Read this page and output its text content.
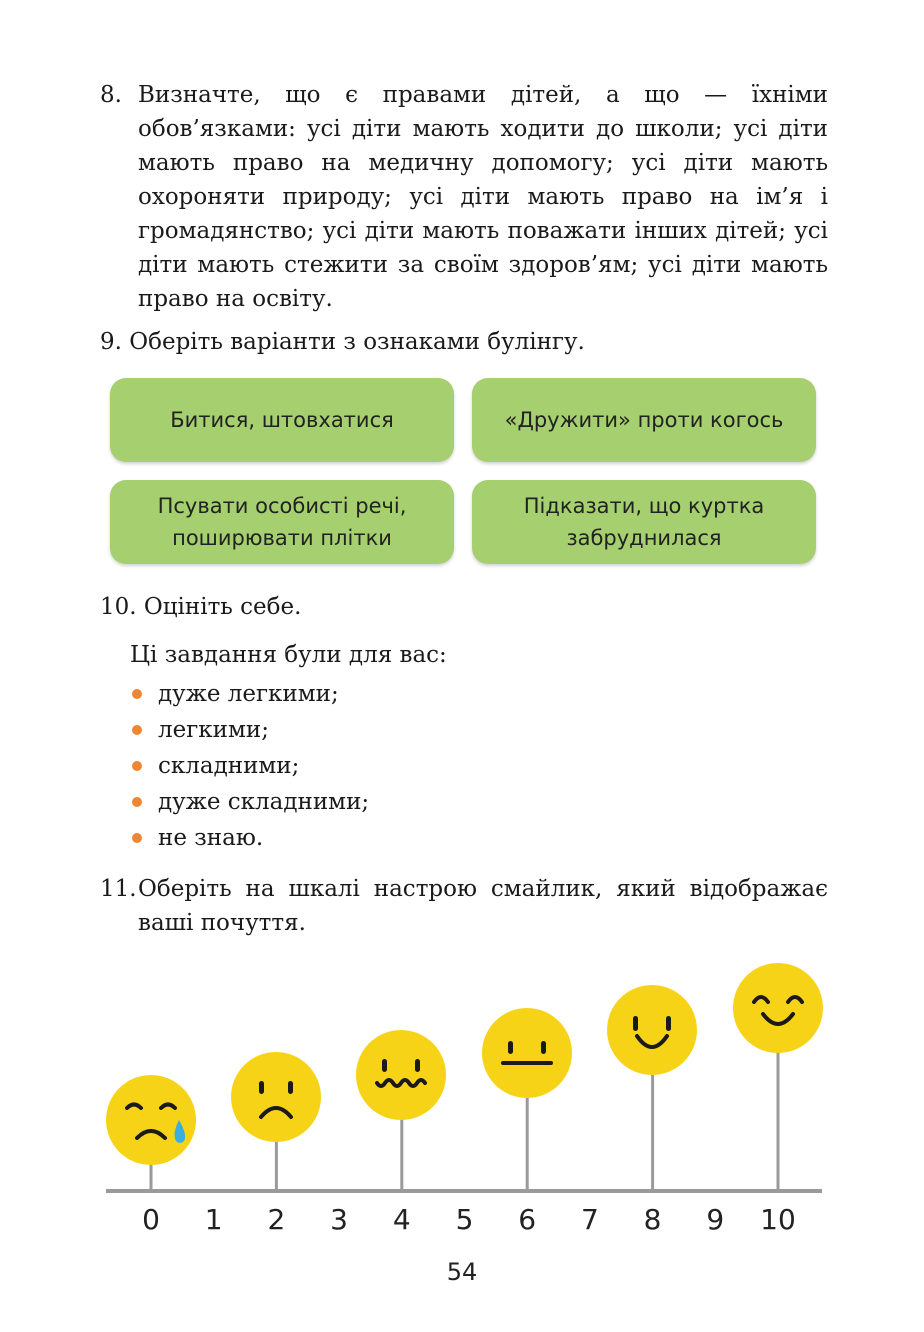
8. Визначте, що є правами дітей, а що — їхніми обов’язками: усі діти мають ходити до школи; усі діти мають право на медичну допомогу; усі діти мають охороняти природу; усі діти мають право на ім’я і громадянство; усі діти мають поважати інших дітей; усі діти мають стежити за своїм здоров’ям; усі діти мають право на освіту.
9. Оберіть варіанти з ознаками булінгу.
Битися, штовхатися	«Дружити» проти когось
Псувати особисті речі, поширювати плітки
Підказати, що куртка забруднилася
10. Оцініть себе.
Ці завдання були для вас:
дуже легкими;
легкими;
складними;
дуже складними;
не знаю.
11. Оберіть на шкалі настрою смайлик, який відображає ваші почуття.
0 1 2 3 4 5 6 7 8 9 10
54
